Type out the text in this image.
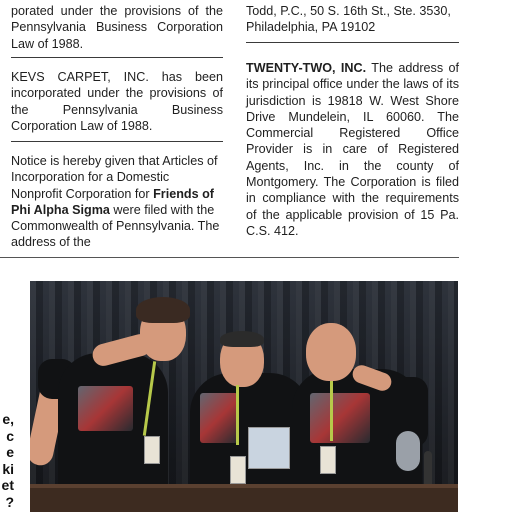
porated under the provisions of the Pennsylvania Business Corporation Law of 1988.

KEVS CARPET, INC. has been incorporated under the provisions of the Pennsylvania Business Corporation Law of 1988.

Notice is hereby given that Articles of Incorporation for a Domestic Nonprofit Corporation for Friends of Phi Alpha Sigma were filed with the Commonwealth of Pennsylvania. The address of the

Todd, P.C., 50 S. 16th St., Ste. 3530, Philadelphia, PA 19102

TWENTY-TWO, INC. The address of its principal office under the laws of its jurisdiction is 19818 W. West Shore Drive Mundelein, IL 60060. The Commercial Registered Office Provider is in care of Registered Agents, Inc. in the county of Montgomery. The Corporation is filed in compliance with the requirements of the applicable provision of 15 Pa. C.S. 412.

e,
c
e
ki
et
?
